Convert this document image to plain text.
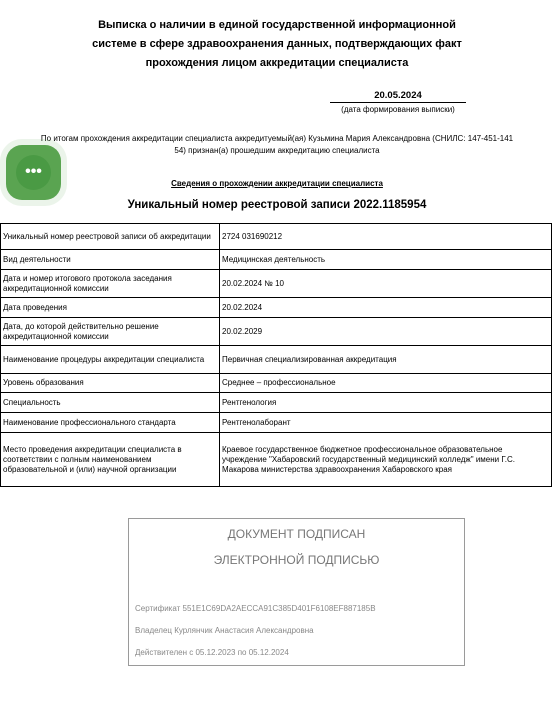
Выписка о наличии в единой государственной информационной
системе в сфере здравоохранения данных, подтверждающих факт
прохождения лицом аккредитации специалиста
20.05.2024
(дата формирования выписки)
По итогам прохождения аккредитации специалиста аккредитуемый(ая) Кузьмина Мария Александровна (СНИЛС: 147-451-141
54) признан(а) прошедшим аккредитацию специалиста
•••
Сведения о прохождении аккредитации специалиста
Уникальный номер реестровой записи 2022.1185954
Уникальный номер реестровой записи об аккредитации	2724 031690212
Вид деятельности	Медицинская деятельность
Дата и номер итогового протокола заседания аккредитационной комиссии	20.02.2024 № 10
Дата проведения	20.02.2024
Дата, до которой действительно решение аккредитационной комиссии	20.02.2029
Наименование процедуры аккредитации специалиста	Первичная специализированная аккредитация
Уровень образования	Среднее – профессиональное
Специальность	Рентгенология
Наименование профессионального стандарта	Рентгенолаборант
Место проведения аккредитации специалиста в соответствии с полным наименованием образовательной и (или) научной организации	Краевое государственное бюджетное профессиональное образовательное учреждение "Хабаровский государственный медицинский колледж" имени Г.С. Макарова министерства здравоохранения Хабаровского края
ДОКУМЕНТ ПОДПИСАН
ЭЛЕКТРОННОЙ ПОДПИСЬЮ
Сертификат 551E1C69DA2AECCA91C385D401F6108EF887185B
Владелец Курлянчик Анастасия Александровна
Действителен с 05.12.2023 по 05.12.2024
